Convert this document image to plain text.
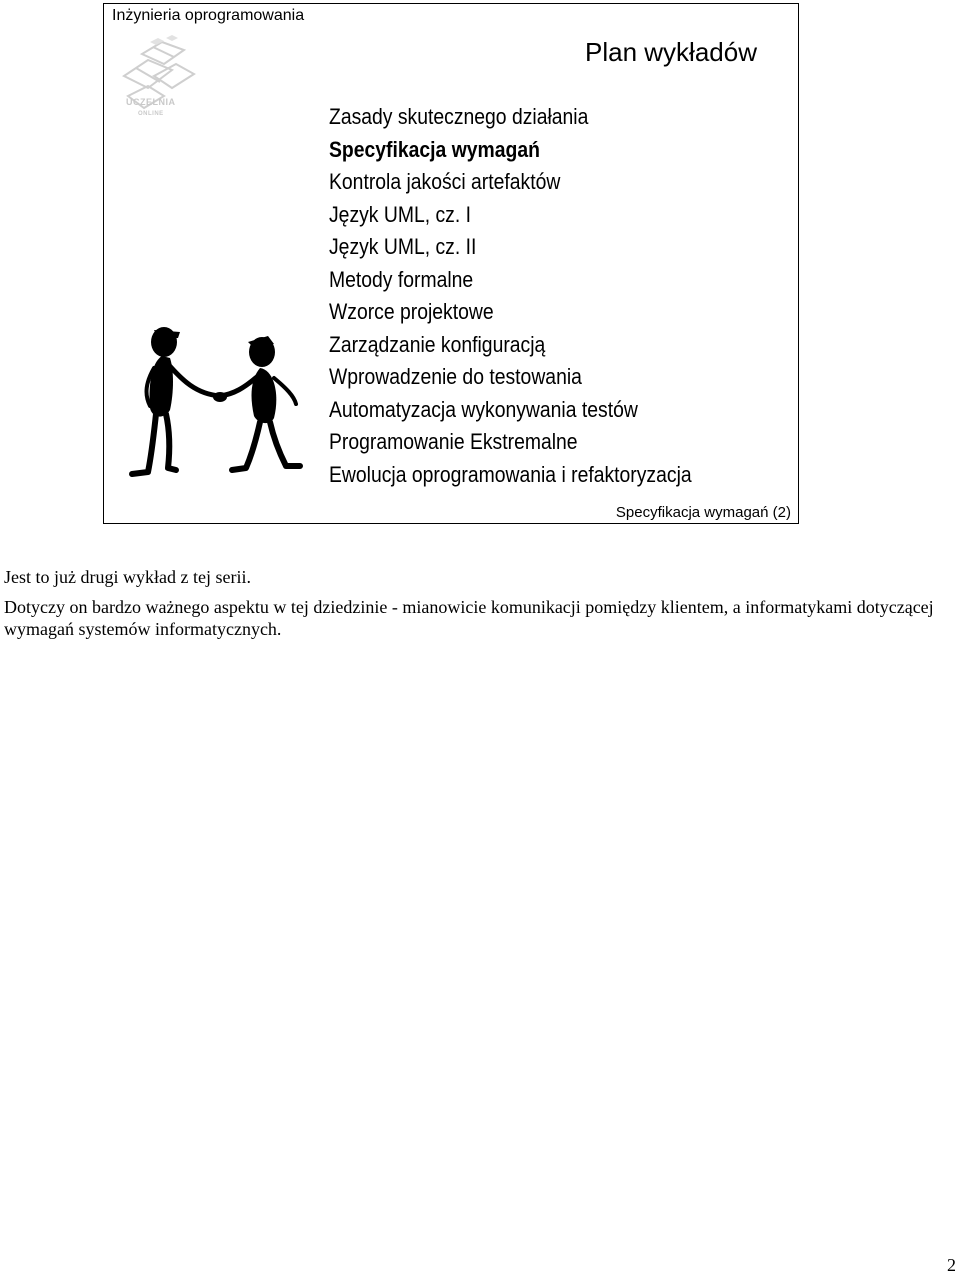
Inżynieria oprogramowania
Plan wykładów
UCZELNIA
ONLINE	Zasady skutecznego działania
Specyfikacja wymagań
Kontrola jakości artefaktów
Język UML, cz. I
Język UML, cz. II
Metody formalne
Wzorce projektowe
Zarządzanie konfiguracją
Wprowadzenie do testowania
Automatyzacja wykonywania testów
Programowanie Ekstremalne
Ewolucja oprogramowania i refaktoryzacja
Specyfikacja wymagań (2)

Jest to już drugi wykład z tej serii.

Dotyczy on bardzo ważnego aspektu w tej dziedzinie - mianowicie komunikacji pomiędzy klientem, a informatykami dotyczącej wymagań systemów informatycznych.

2
